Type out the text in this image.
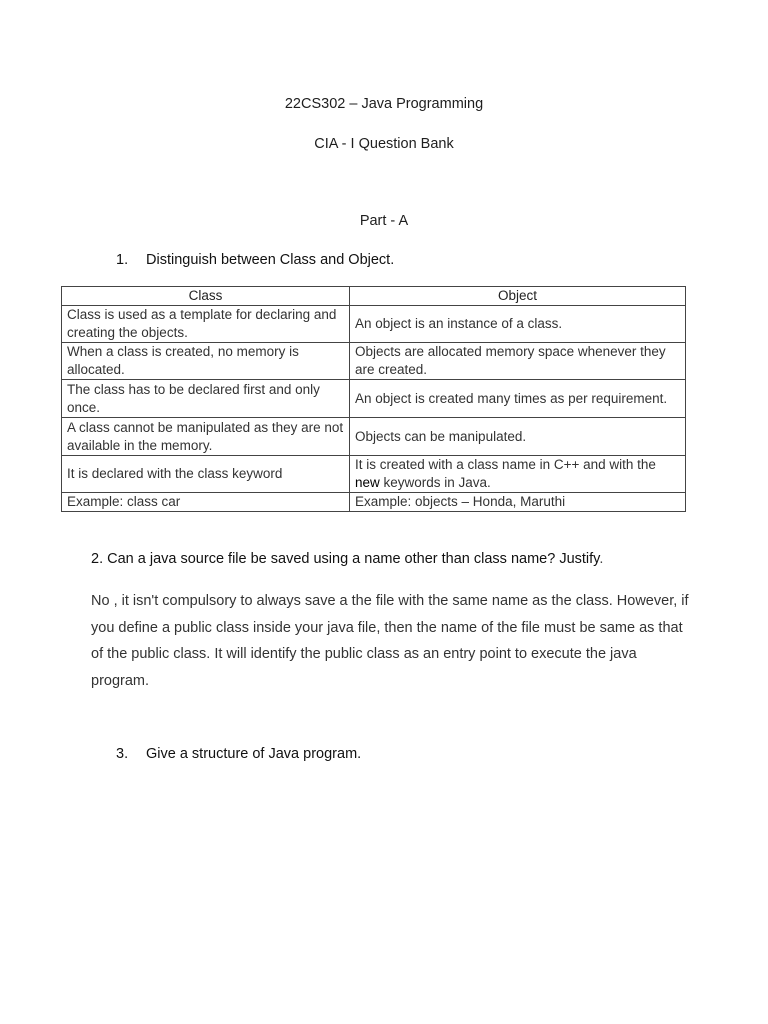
22CS302 – Java Programming
CIA - I Question Bank
Part - A
1. Distinguish between Class and Object.
Class	Object
Class is used as a template for declaring and creating the objects.	An object is an instance of a class.
When a class is created, no memory is allocated.	Objects are allocated memory space whenever they are created.
The class has to be declared first and only once.	An object is created many times as per requirement.
A class cannot be manipulated as they are not available in the memory.	Objects can be manipulated.
It is declared with the class keyword	It is created with a class name in C++ and with the new keywords in Java.
Example: class car	Example: objects – Honda, Maruthi
2. Can a java source file be saved using a name other than class name? Justify.
No , it isn't compulsory to always save a the file with the same name as the class. However, if you define a public class inside your java file, then the name of the file must be same as that of the public class. It will identify the public class as an entry point to execute the java program.
3. Give a structure of Java program.
